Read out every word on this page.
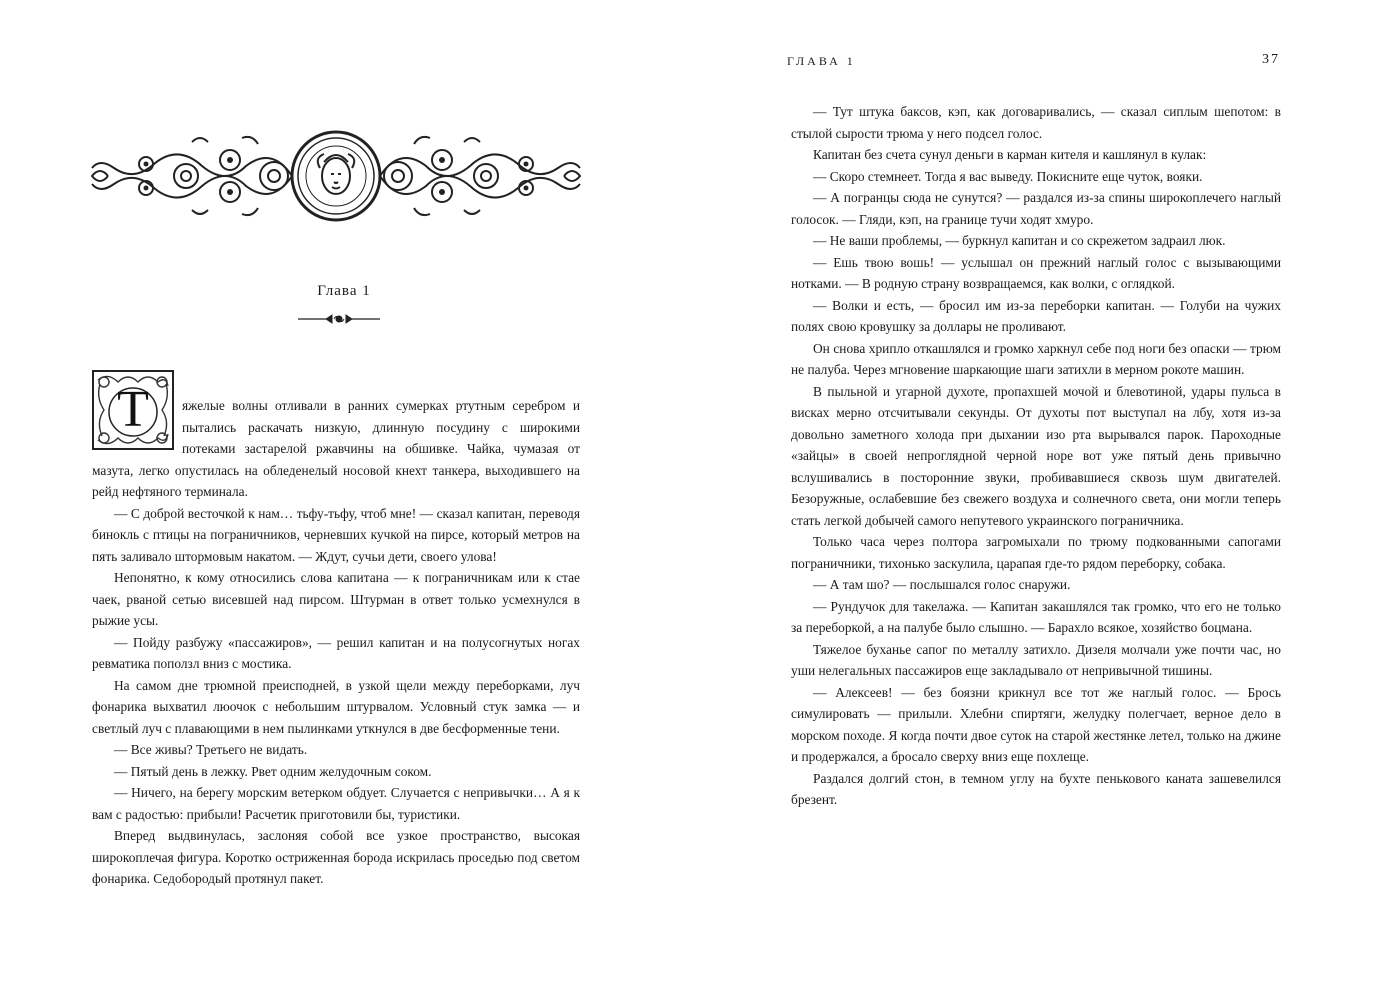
Глава 1

Т	яжелые волны отливали в ранних сумерках ртутным серебром и пытались раскачать низкую, длинную посудину с широкими потеками застарелой ржавчины на обшивке. Чайка, чумазая от мазута, легко опустилась на обледенелый носовой кнехт танкера, выходившего на рейд нефтяного терминала.

— С доброй весточкой к нам… тьфу-тьфу, чтоб мне! — сказал капитан, переводя бинокль с птицы на пограничников, черневших кучкой на пирсе, который метров на пять заливало штормовым накатом. — Ждут, сучьи дети, своего улова!

Непонятно, к кому относились слова капитана — к пограничникам или к стае чаек, рваной сетью висевшей над пирсом. Штурман в ответ только усмехнулся в рыжие усы.

— Пойду разбужу «пассажиров», — решил капитан и на полусогнутых ногах ревматика поползл вниз с мостика.

На самом дне трюмной преисподней, в узкой щели между переборками, луч фонарика выхватил люочок с небольшим штурвалом. Условный стук замка — и светлый луч с плавающими в нем пылинками уткнулся в две бесформенные тени.

— Все живы? Третьего не видать.

— Пятый день в лежку. Рвет одним желудочным соком.

— Ничего, на берегу морским ветерком обдует. Случается с непривычки… А я к вам с радостью: прибыли! Расчетик приготовили бы, туристики.

Вперед выдвинулась, заслоняя собой все узкое пространство, высокая широкоплечая фигура. Коротко остриженная борода искрилась проседью под светом фонарика. Седобородый протянул пакет.

ГЛАВА 1	37

— Тут штука баксов, кэп, как договаривались, — сказал сиплым шепотом: в стылой сырости трюма у него подсел голос.

Капитан без счета сунул деньги в карман кителя и кашлянул в кулак:

— Скоро стемнеет. Тогда я вас выведу. Покисните еще чуток, вояки.

— А погранцы сюда не сунутся? — раздался из-за спины широкоплечего наглый голосок. — Гляди, кэп, на границе тучи ходят хмуро.

— Не ваши проблемы, — буркнул капитан и со скрежетом задраил люк.

— Ешь твою вошь! — услышал он прежний наглый голос с вызывающими нотками. — В родную страну возвращаемся, как волки, с оглядкой.

— Волки и есть, — бросил им из-за переборки капитан. — Голуби на чужих полях свою кровушку за доллары не проливают.

Он снова хрипло откашлялся и громко харкнул себе под ноги без опаски — трюм не палуба. Через мгновение шаркающие шаги затихли в мерном рокоте машин.

В пыльной и угарной духоте, пропахшей мочой и блевотиной, удары пульса в висках мерно отсчитывали секунды. От духоты пот выступал на лбу, хотя из-за довольно заметного холода при дыхании изо рта вырывался парок. Пароходные «зайцы» в своей непроглядной черной норе вот уже пятый день привычно вслушивались в посторонние звуки, пробивавшиеся сквозь шум двигателей. Безоружные, ослабевшие без свежего воздуха и солнечного света, они могли теперь стать легкой добычей самого непутевого украинского пограничника.

Только часа через полтора загромыхали по трюму подкованными сапогами пограничники, тихонько заскулила, царапая где-то рядом переборку, собака.

— А там шо? — послышался голос снаружи.

— Рундучок для такелажа. — Капитан закашлялся так громко, что его не только за переборкой, а на палубе было слышно. — Барахло всякое, хозяйство боцмана.

Тяжелое буханье сапог по металлу затихло. Дизеля молчали уже почти час, но уши нелегальных пассажиров еще закладывало от непривычной тишины.

— Алексеев! — без боязни крикнул все тот же наглый голос. — Брось симулировать — прилыли. Хлебни спиртяги, желудку полегчает, верное дело в морском походе. Я когда почти двое суток на старой жестянке летел, только на джине и продержался, а бросало сверху вниз еще похлеще.

Раздался долгий стон, в темном углу на бухте пенькового каната зашевелился брезент.
